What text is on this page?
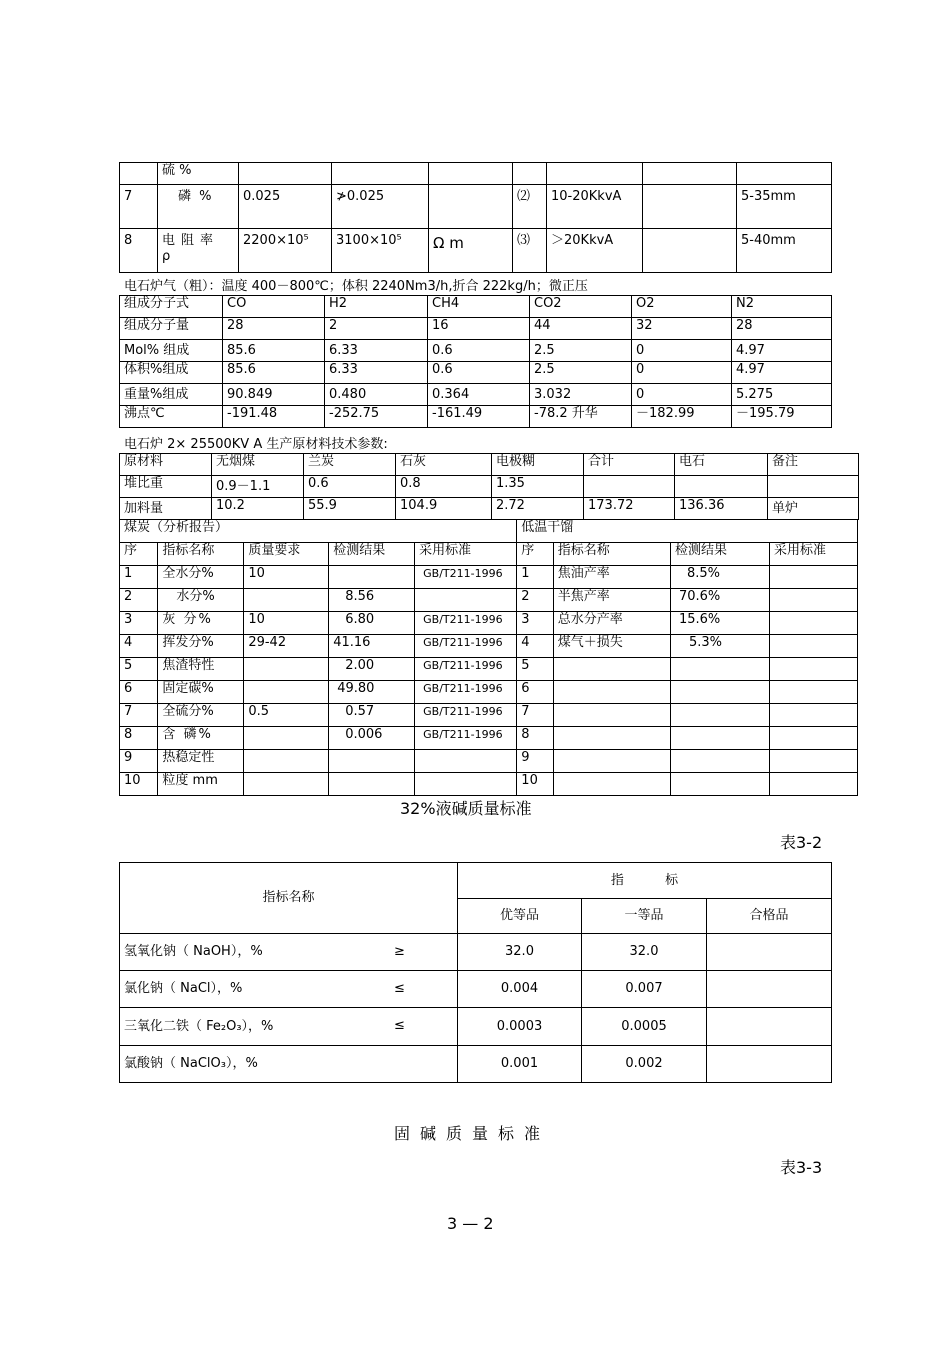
	硫 %							
7	磷 %	0.025	≯0.025		⑵	10-20KkvA		5-35mm
8	电阻率 ρ	2200×10⁵	3100×10⁵	Ω m	⑶	＞20KkvA		5-40mm
电石炉气（粗）：温度 400－800℃；体积 2240Nm3/h,折合 222kg/h；微正压
组成分子式	CO	H2	CH4	CO2	O2	N2
组成分子量	28	2	16	44	32	28
Mol% 组成	85.6	6.33	0.6	2.5	0	4.97
体积%组成	85.6	6.33	0.6	2.5	0	4.97
重量%组成	90.849	0.480	0.364	3.032	0	5.275
沸点℃	-191.48	-252.75	-161.49	-78.2 升华	－182.99	－195.79
电石炉 2× 25500KV A 生产原材料技术参数:
原材料	无烟煤	兰炭	石灰	电极糊	合计	电石	备注
堆比重	0.9－1.1	0.6	0.8	1.35			
加料量	10.2	55.9	104.9	2.72	173.72	136.36	单炉
煤炭（分析报告）					低温干馏			
序	指标名称	质量要求	检测结果	采用标准	序	指标名称	检测结果	采用标准
1	全水分%	10		GB/T211-1996	1	焦油产率	8.5%	
2	水分%		8.56		2	半焦产率	70.6%	
3	灰 分%	10	6.80	GB/T211-1996	3	总水分产率	15.6%	
4	挥发分%	29-42	41.16	GB/T211-1996	4	煤气＋损失	5.3%	
5	焦渣特性		2.00	GB/T211-1996	5			
6	固定碳%		49.80	GB/T211-1996	6			
7	全硫分%	0.5	0.57	GB/T211-1996	7			
8	含 磷%		0.006	GB/T211-1996	8			
9	热稳定性				9			
10	粒度 mm				10			
32%液碱质量标准
表3-2
指标名称	指          标		
	优等品	一等品	合格品
氢氧化钠（ NaOH），% ≥	32.0	32.0	
氯化钠（ NaCl），% ≤	0.004	0.007	
三氧化二铁（ Fe₂O₃），% ≤	0.0003	0.0005	
氯酸钠（ NaClO₃），%	0.001	0.002	
固碱质量标准
表3-3
3 — 2
